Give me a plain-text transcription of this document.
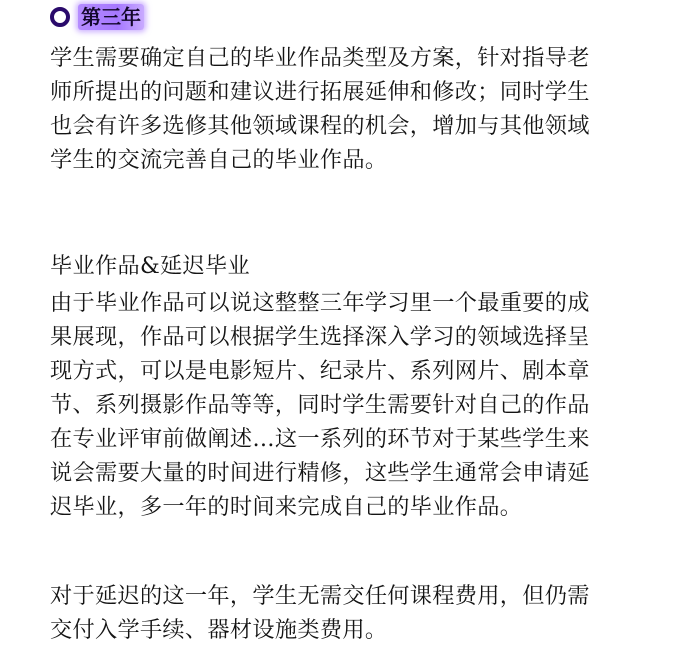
第三年
学生需要确定自己的毕业作品类型及方案，针对指导老
师所提出的问题和建议进行拓展延伸和修改；同时学生
也会有许多选修其他领域课程的机会，增加与其他领域
学生的交流完善自己的毕业作品。
毕业作品&延迟毕业
由于毕业作品可以说这整整三年学习里一个最重要的成
果展现，作品可以根据学生选择深入学习的领域选择呈
现方式，可以是电影短片、纪录片、系列网片、剧本章
节、系列摄影作品等等，同时学生需要针对自己的作品
在专业评审前做阐述…这一系列的环节对于某些学生来
说会需要大量的时间进行精修，这些学生通常会申请延
迟毕业，多一年的时间来完成自己的毕业作品。
对于延迟的这一年，学生无需交任何课程费用，但仍需
交付入学手续、器材设施类费用。
